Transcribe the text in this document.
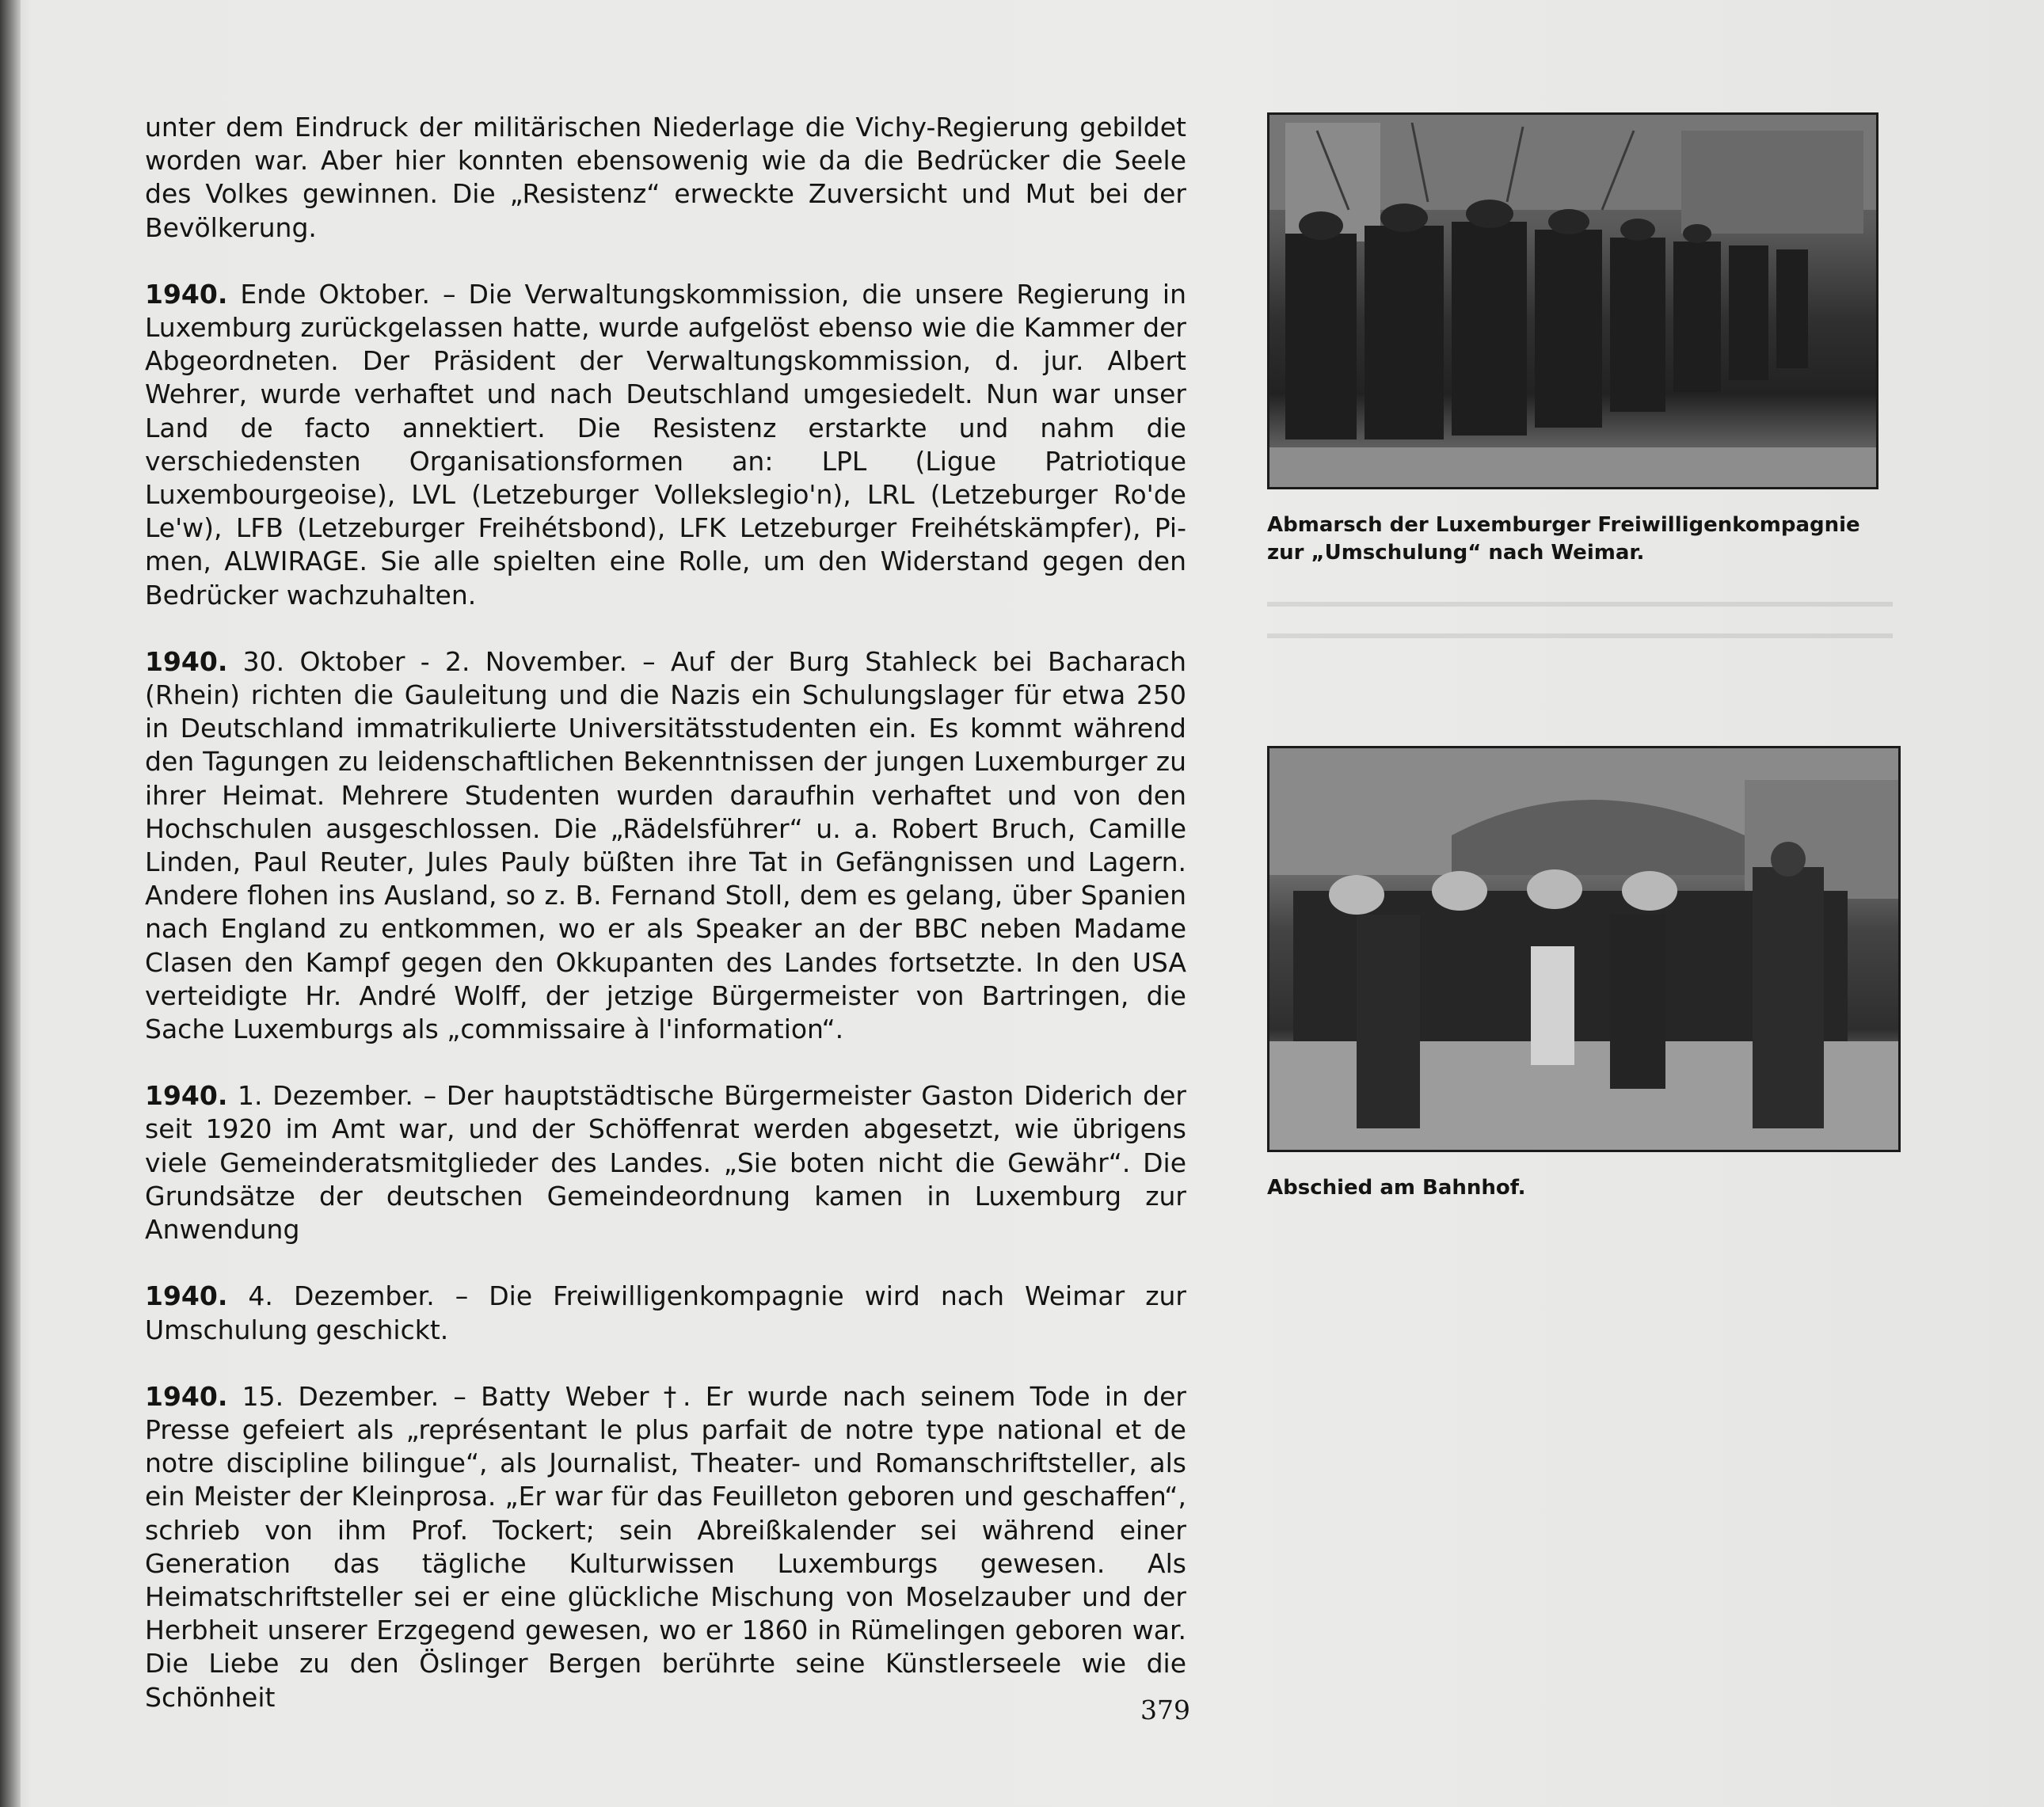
unter dem Eindruck der militärischen Niederlage die Vichy-Regierung gebildet worden war. Aber hier konnten ebensowenig wie da die Bedrücker die Seele des Volkes gewinnen. Die „Resistenz“ erweckte Zuversicht und Mut bei der Bevölkerung.

1940. Ende Oktober. – Die Verwaltungskommission, die unsere Regierung in Luxemburg zurückgelassen hatte, wurde aufgelöst ebenso wie die Kammer der Abgeordneten. Der Präsident der Verwaltungskommission, d. jur. Albert Wehrer, wurde verhaftet und nach Deutschland umgesiedelt. Nun war unser Land de facto annektiert. Die Resistenz erstarkte und nahm die verschiedensten Organisationsformen an: LPL (Ligue Patriotique Luxembourgeoise), LVL (Letzeburger Vollekslegio'n), LRL (Letzeburger Ro'de Le'w), LFB (Letzeburger Freihétsbond), LFK Letzeburger Freihétskämpfer), Pi-men, ALWIRAGE. Sie alle spielten eine Rolle, um den Widerstand gegen den Bedrücker wachzuhalten.

1940. 30. Oktober - 2. November. – Auf der Burg Stahleck bei Bacharach (Rhein) richten die Gauleitung und die Nazis ein Schulungslager für etwa 250 in Deutschland immatrikulierte Universitätsstudenten ein. Es kommt während den Tagungen zu leidenschaftlichen Bekenntnissen der jungen Luxemburger zu ihrer Heimat. Mehrere Studenten wurden daraufhin verhaftet und von den Hochschulen ausgeschlossen. Die „Rädelsführer“ u. a. Robert Bruch, Camille Linden, Paul Reuter, Jules Pauly büßten ihre Tat in Gefängnissen und Lagern. Andere flohen ins Ausland, so z. B. Fernand Stoll, dem es gelang, über Spanien nach England zu entkommen, wo er als Speaker an der BBC neben Madame Clasen den Kampf gegen den Okkupanten des Landes fortsetzte. In den USA verteidigte Hr. André Wolff, der jetzige Bürgermeister von Bartringen, die Sache Luxemburgs als „commissaire à l'information“.

1940. 1. Dezember. – Der hauptstädtische Bürgermeister Gaston Diderich der seit 1920 im Amt war, und der Schöffenrat werden abgesetzt, wie übrigens viele Gemeinderatsmitglieder des Landes. „Sie boten nicht die Gewähr“. Die Grundsätze der deutschen Gemeindeordnung kamen in Luxemburg zur Anwendung

1940. 4. Dezember. – Die Freiwilligenkompagnie wird nach Weimar zur Umschulung geschickt.

1940. 15. Dezember. – Batty Weber †. Er wurde nach seinem Tode in der Presse gefeiert als „représentant le plus parfait de notre type national et de notre discipline bilingue“, als Journalist, Theater- und Romanschriftsteller, als ein Meister der Kleinprosa. „Er war für das Feuilleton geboren und geschaffen“, schrieb von ihm Prof. Tockert; sein Abreißkalender sei während einer Generation das tägliche Kulturwissen Luxemburgs gewesen. Als Heimatschriftsteller sei er eine glückliche Mischung von Moselzauber und der Herbheit unserer Erzgegend gewesen, wo er 1860 in Rümelingen geboren war. Die Liebe zu den Öslinger Bergen berührte seine Künstlerseele wie die Schönheit

Abmarsch der Luxemburger Freiwilligenkompagnie zur „Umschulung“ nach Weimar.
Abschied am Bahnhof.
379
